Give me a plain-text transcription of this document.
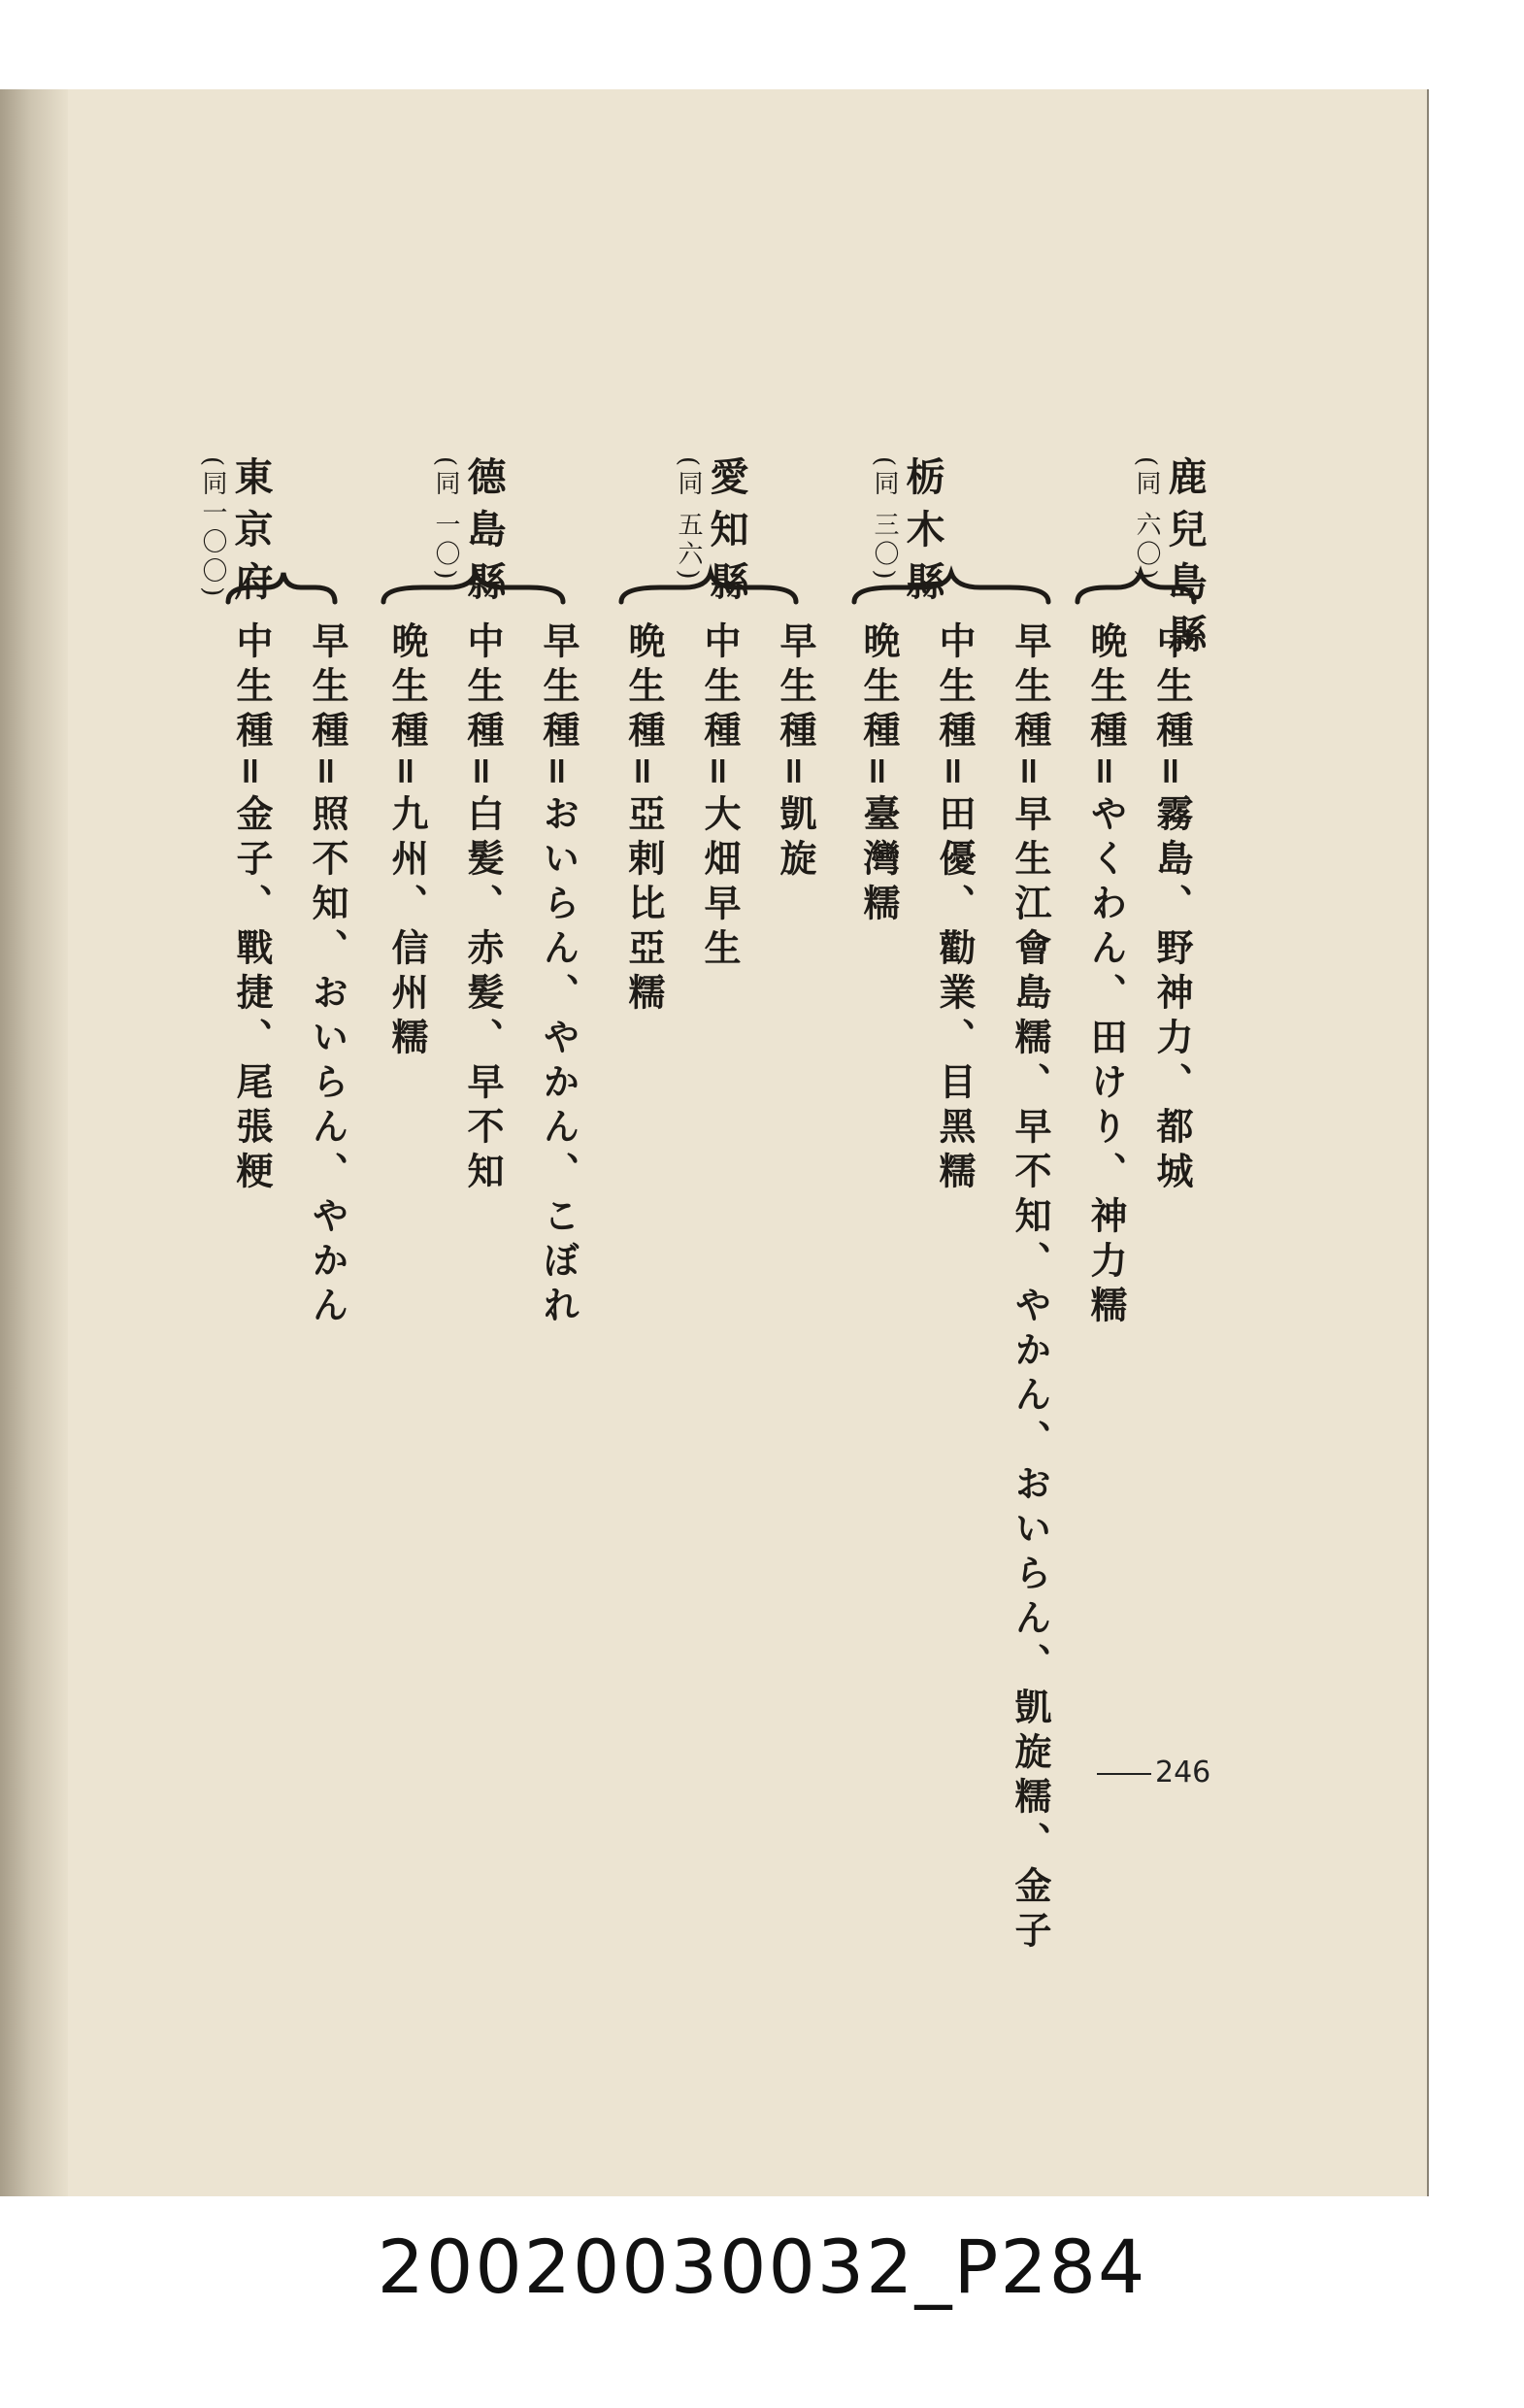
鹿兒島縣
(同 六〇)
中生種=霧島、野神力、都城
晩生種=やくわん、田けり、神力糯
栃木縣
(同 三〇)
早生種=早生江會島糯、早不知、やかん、おいらん、凱旋糯、金子
中生種=田優、勸業、目黑糯
晩生種=臺灣糯
愛知縣
(同 五六)
早生種=凱旋
中生種=大畑早生
晩生種=亞剌比亞糯
德島縣
(同 一〇)
早生種=おいらん、やかん、こぼれ
中生種=白髪、赤髪、早不知
晩生種=九州、信州糯
東京府
(同一〇〇)
早生種=照不知、おいらん、やかん
中生種=金子、戰捷、尾張粳
246
20020030032_P284
